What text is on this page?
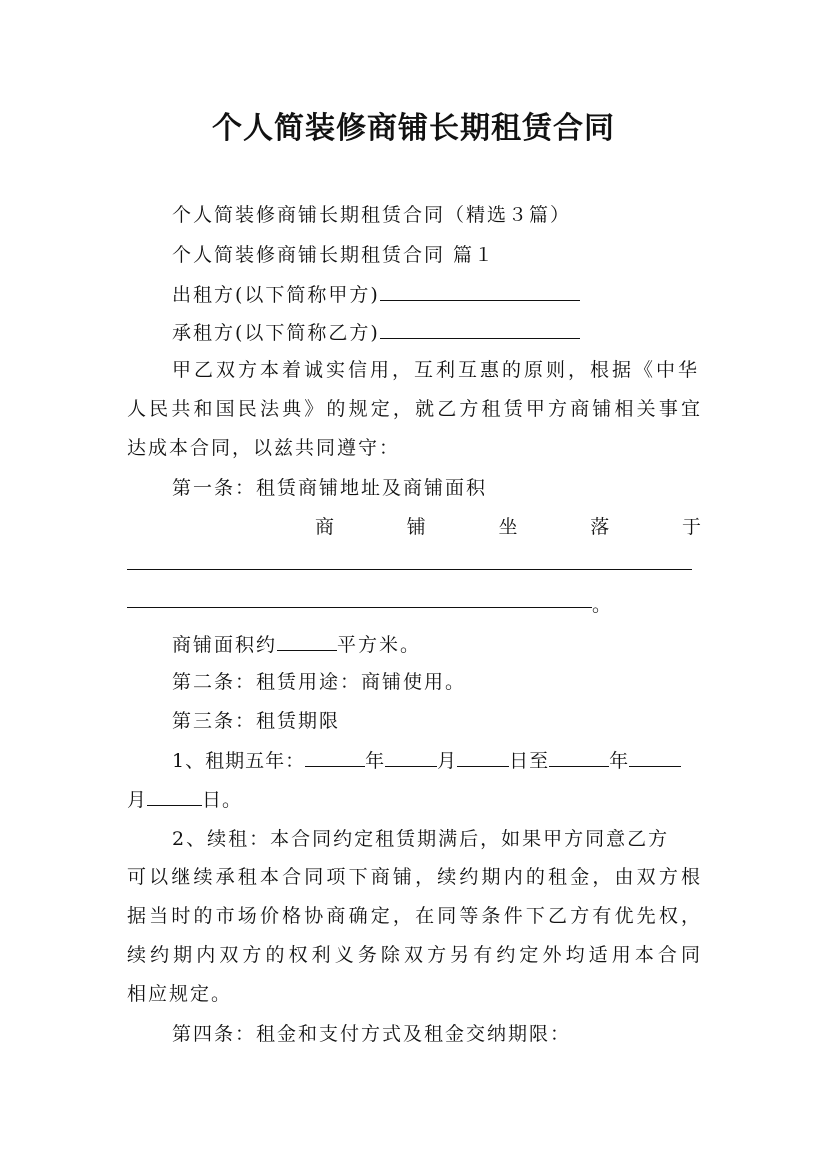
个人简装修商铺长期租赁合同
个人简装修商铺长期租赁合同（精选３篇）
个人简装修商铺长期租赁合同 篇１
出租方(以下简称甲方)
承租方(以下简称乙方)
甲乙双方本着诚实信用，互利互惠的原则，根据《中华
人民共和国民法典》的规定，就乙方租赁甲方商铺相关事宜
达成本合同，以兹共同遵守：
第一条：租赁商铺地址及商铺面积
商	铺	坐	落	于
。
商铺面积约	平方米。
第二条：租赁用途：商铺使用。
第三条：租赁期限
1、租期五年：	年	月	日至	年
月	日。
2、续租：本合同约定租赁期满后，如果甲方同意乙方
可以继续承租本合同项下商铺，续约期内的租金，由双方根
据当时的市场价格协商确定，在同等条件下乙方有优先权，
续约期内双方的权利义务除双方另有约定外均适用本合同
相应规定。
第四条：租金和支付方式及租金交纳期限：
